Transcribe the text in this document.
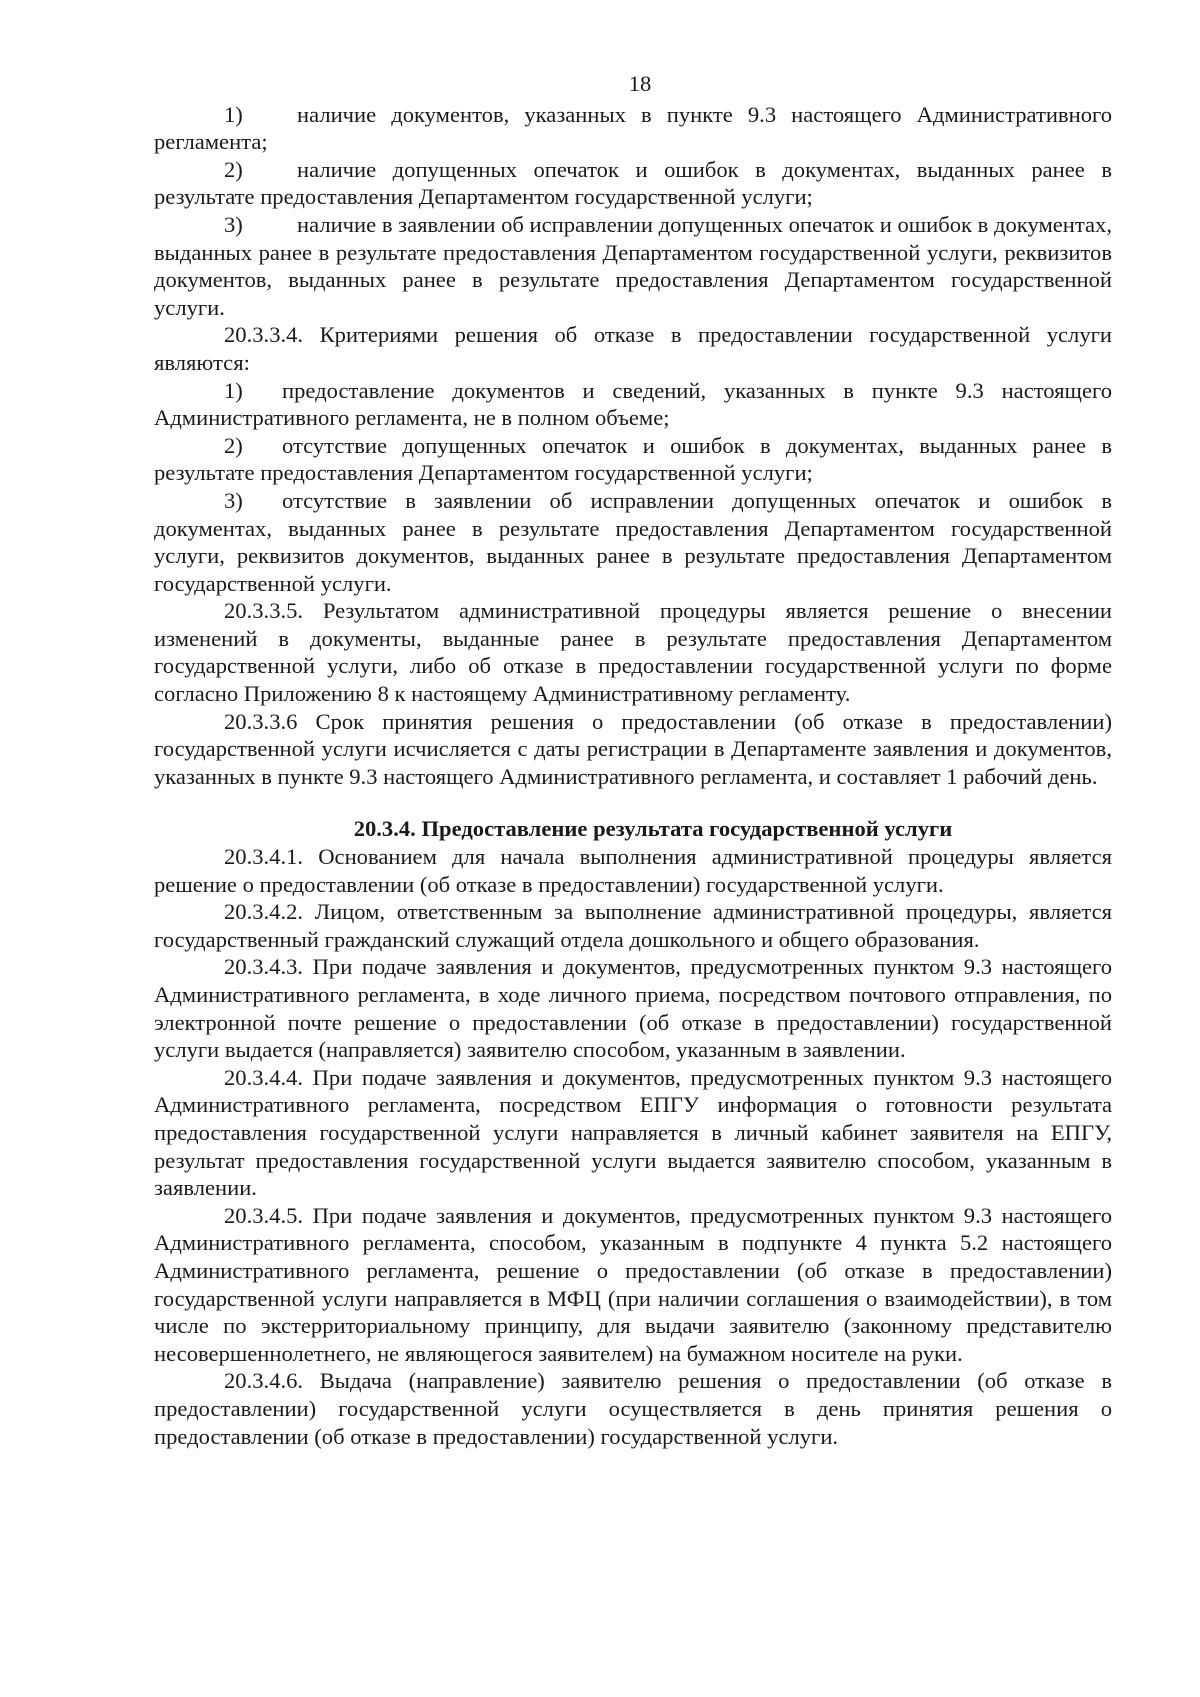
18

1) наличие документов, указанных в пункте 9.3 настоящего Административного регламента;

2) наличие допущенных опечаток и ошибок в документах, выданных ранее в результате предоставления Департаментом государственной услуги;

3) наличие в заявлении об исправлении допущенных опечаток и ошибок в документах, выданных ранее в результате предоставления Департаментом государственной услуги, реквизитов документов, выданных ранее в результате предоставления Департаментом государственной услуги.

20.3.3.4. Критериями решения об отказе в предоставлении государственной услуги являются:

1) предоставление документов и сведений, указанных в пункте 9.3 настоящего Административного регламента, не в полном объеме;

2) отсутствие допущенных опечаток и ошибок в документах, выданных ранее в результате предоставления Департаментом государственной услуги;

3) отсутствие в заявлении об исправлении допущенных опечаток и ошибок в документах, выданных ранее в результате предоставления Департаментом государственной услуги, реквизитов документов, выданных ранее в результате предоставления Департаментом государственной услуги.

20.3.3.5. Результатом административной процедуры является решение о внесении изменений в документы, выданные ранее в результате предоставления Департаментом государственной услуги, либо об отказе в предоставлении государственной услуги по форме согласно Приложению 8 к настоящему Административному регламенту.

20.3.3.6 Срок принятия решения о предоставлении (об отказе в предоставлении) государственной услуги исчисляется с даты регистрации в Департаменте заявления и документов, указанных в пункте 9.3 настоящего Административного регламента, и составляет 1 рабочий день.

20.3.4. Предоставление результата государственной услуги

20.3.4.1. Основанием для начала выполнения административной процедуры является решение о предоставлении (об отказе в предоставлении) государственной услуги.

20.3.4.2. Лицом, ответственным за выполнение административной процедуры, является государственный гражданский служащий отдела дошкольного и общего образования.

20.3.4.3. При подаче заявления и документов, предусмотренных пунктом 9.3 настоящего Административного регламента, в ходе личного приема, посредством почтового отправления, по электронной почте решение о предоставлении (об отказе в предоставлении) государственной услуги выдается (направляется) заявителю способом, указанным в заявлении.

20.3.4.4. При подаче заявления и документов, предусмотренных пунктом 9.3 настоящего Административного регламента, посредством ЕПГУ информация о готовности результата предоставления государственной услуги направляется в личный кабинет заявителя на ЕПГУ, результат предоставления государственной услуги выдается заявителю способом, указанным в заявлении.

20.3.4.5. При подаче заявления и документов, предусмотренных пунктом 9.3 настоящего Административного регламента, способом, указанным в подпункте 4 пункта 5.2 настоящего Административного регламента, решение о предоставлении (об отказе в предоставлении) государственной услуги направляется в МФЦ (при наличии соглашения о взаимодействии), в том числе по экстерриториальному принципу, для выдачи заявителю (законному представителю несовершеннолетнего, не являющегося заявителем) на бумажном носителе на руки.

20.3.4.6. Выдача (направление) заявителю решения о предоставлении (об отказе в предоставлении) государственной услуги осуществляется в день принятия решения о предоставлении (об отказе в предоставлении) государственной услуги.
